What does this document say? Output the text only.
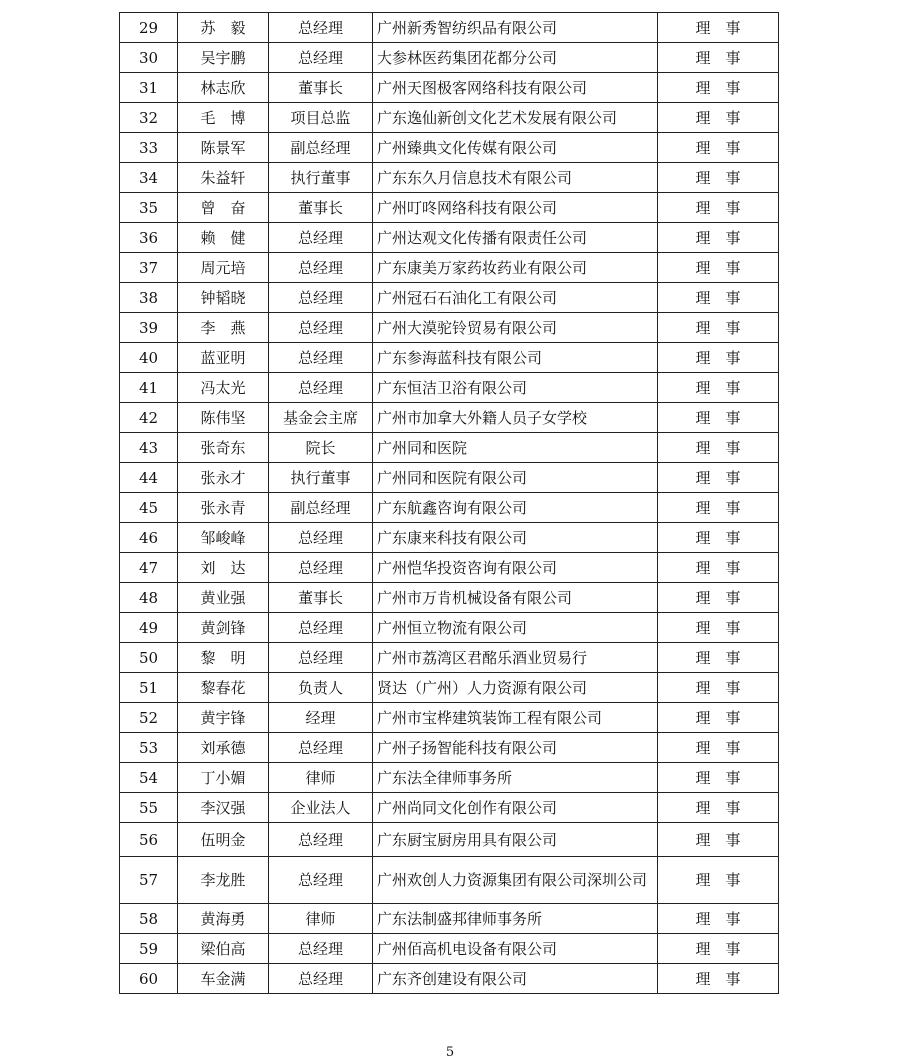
29	苏　毅	总经理	广州新秀智纺织品有限公司	理　事
30	吴宇鹏	总经理	大参林医药集团花都分公司	理　事
31	林志欣	董事长	广州天图极客网络科技有限公司	理　事
32	毛　博	项目总监	广东逸仙新创文化艺术发展有限公司	理　事
33	陈景军	副总经理	广州臻典文化传媒有限公司	理　事
34	朱益轩	执行董事	广东东久月信息技术有限公司	理　事
35	曾　奋	董事长	广州叮咚网络科技有限公司	理　事
36	赖　健	总经理	广州达观文化传播有限责任公司	理　事
37	周元培	总经理	广东康美万家药妆药业有限公司	理　事
38	钟韬晓	总经理	广州冠石石油化工有限公司	理　事
39	李　燕	总经理	广州大漠驼铃贸易有限公司	理　事
40	蓝亚明	总经理	广东参海蓝科技有限公司	理　事
41	冯太光	总经理	广东恒洁卫浴有限公司	理　事
42	陈伟坚	基金会主席	广州市加拿大外籍人员子女学校	理　事
43	张奇东	院长	广州同和医院	理　事
44	张永才	执行董事	广州同和医院有限公司	理　事
45	张永青	副总经理	广东航鑫咨询有限公司	理　事
46	邹峻峰	总经理	广东康来科技有限公司	理　事
47	刘　达	总经理	广州恺华投资咨询有限公司	理　事
48	黄业强	董事长	广州市万肯机械设备有限公司	理　事
49	黄剑锋	总经理	广州恒立物流有限公司	理　事
50	黎　明	总经理	广州市荔湾区君酩乐酒业贸易行	理　事
51	黎春花	负责人	贤达（广州）人力资源有限公司	理　事
52	黄宇锋	经理	广州市宝桦建筑装饰工程有限公司	理　事
53	刘承德	总经理	广州子扬智能科技有限公司	理　事
54	丁小媚	律师	广东法全律师事务所	理　事
55	李汉强	企业法人	广州尚同文化创作有限公司	理　事
56	伍明金	总经理	广东厨宝厨房用具有限公司	理　事
57	李龙胜	总经理	广州欢创人力资源集团有限公司深圳公司	理　事
58	黄海勇	律师	广东法制盛邦律师事务所	理　事
59	梁伯高	总经理	广州佰高机电设备有限公司	理　事
60	车金满	总经理	广东齐创建设有限公司	理　事
5
